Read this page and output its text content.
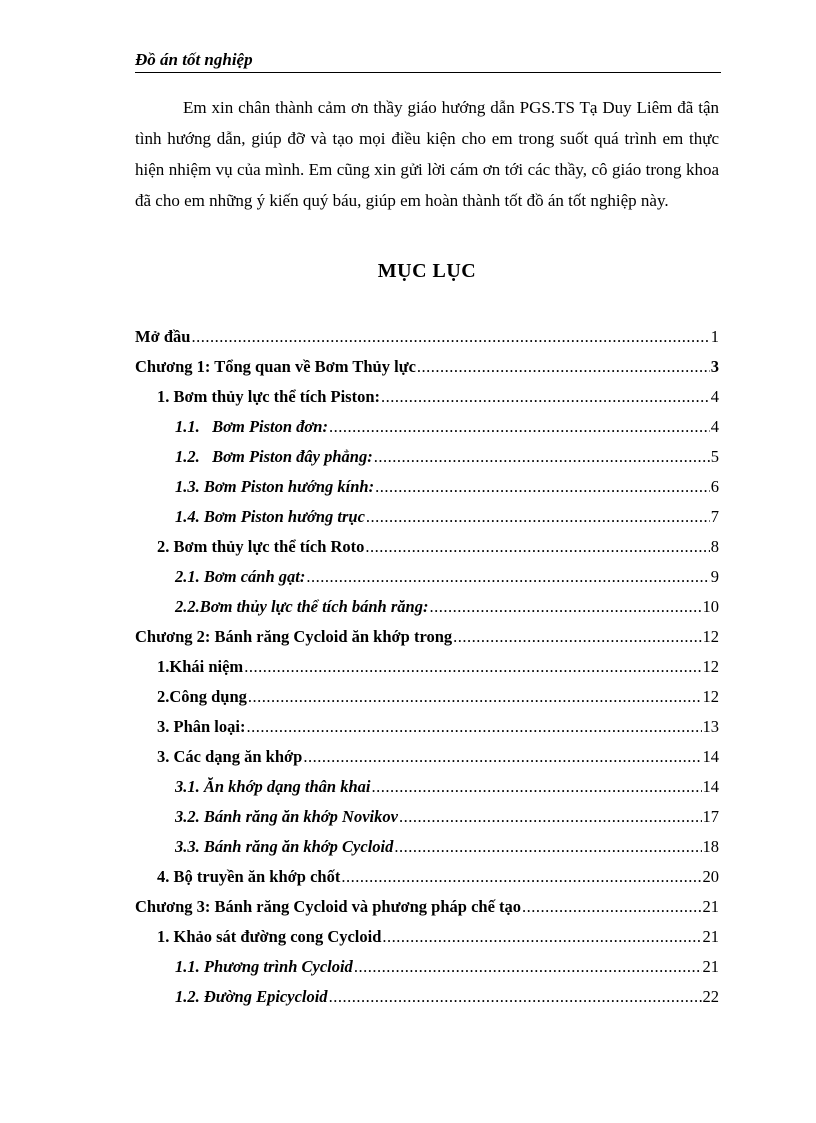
Đồ án tốt nghiệp

Em xin chân thành cảm ơn thầy giáo hướng dẫn PGS.TS Tạ Duy Liêm đã tận tình hướng dẫn, giúp đỡ và tạo mọi điều kiện cho em trong suốt quá trình em thực hiện nhiệm vụ của mình. Em cũng xin gửi lời cám ơn tới các thầy, cô giáo trong khoa đã cho em những ý kiến quý báu, giúp em hoàn thành tốt đồ án tốt nghiệp này.

MỤC LỤC
Mở đầu .....	1
Chương 1: Tổng quan về Bơm Thủy lực .....	3
1. Bơm thủy lực thể tích Piston: .....	4
1.1.   Bơm Piston đơn: .....	4
1.2.   Bơm Piston đây phẳng: .....	5
1.3. Bơm Piston hướng kính: .....	6
1.4. Bơm Piston hướng trục .....	7
2. Bơm thủy lực thể tích Roto .....	8
2.1. Bơm cánh gạt: .....	9
2.2.Bơm thủy lực thể tích bánh răng: .....	10
Chương 2: Bánh răng Cycloid ăn khớp trong .....	12
1.Khái niệm .....	12
2.Công dụng .....	12
3. Phân loại: .....	13
3. Các dạng ăn khớp .....	14
3.1. Ăn khớp dạng thân khai .....	14
3.2. Bánh răng ăn khớp Novikov .....	17
3.3. Bánh răng ăn khớp Cycloid .....	18
4. Bộ truyền ăn khớp chốt .....	20
Chương 3: Bánh răng Cycloid và phương pháp chế tạo .....	21
1. Khảo sát đường cong Cycloid .....	21
1.1. Phương trình Cycloid .....	21
1.2. Đường Epicycloid .....	22
